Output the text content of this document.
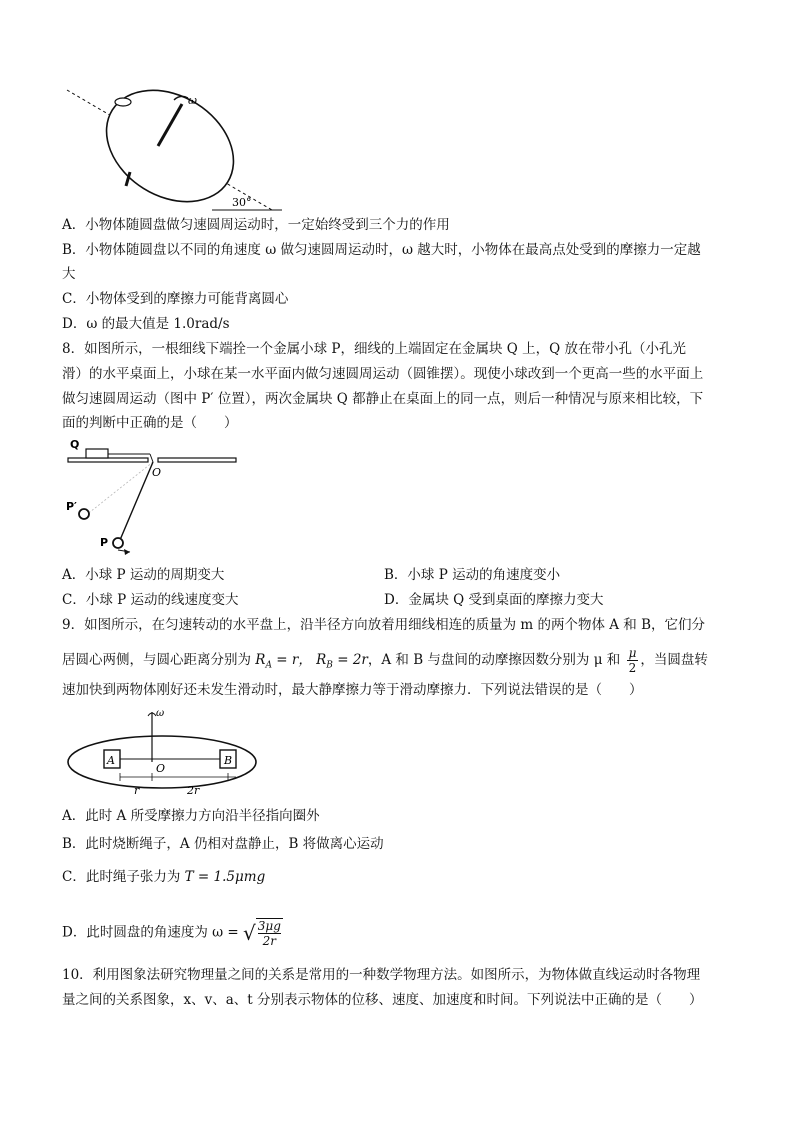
ω
30°
A．小物体随圆盘做匀速圆周运动时，一定始终受到三个力的作用
B．小物体随圆盘以不同的角速度 ω 做匀速圆周运动时，ω 越大时，小物体在最高点处受到的摩擦力一定越
大
C．小物体受到的摩擦力可能背离圆心
D．ω 的最大值是 1.0rad/s
8．如图所示，一根细线下端拴一个金属小球 P，细线的上端固定在金属块 Q 上，Q 放在带小孔（小孔光
滑）的水平桌面上，小球在某一水平面内做匀速圆周运动（圆锥摆）。现使小球改到一个更高一些的水平面上
做匀速圆周运动（图中 P′ 位置），两次金属块 Q 都静止在桌面上的同一点，则后一种情况与原来相比较，下
面的判断中正确的是（　　）
Q
O
P′
P
A．小球 P 运动的周期变大	B．小球 P 运动的角速度变小
C．小球 P 运动的线速度变大	D．金属块 Q 受到桌面的摩擦力变大
9．如图所示，在匀速转动的水平盘上，沿半径方向放着用细线相连的质量为 m 的两个物体 A 和 B，它们分
居圆心两侧，与圆心距离分别为 $R_A = r$， $R_B = 2r$，A 和 B 与盘间的动摩擦因数分别为 μ 和 $\frac{\mu}{2}$ ，当圆盘转
速加快到两物体刚好还未发生滑动时，最大静摩擦力等于滑动摩擦力．下列说法错误的是（　　）
ω
A	B
O
r	2r
A．此时 A 所受摩擦力方向沿半径指向圈外
B．此时烧断绳子，A 仍相对盘静止，B 将做离心运动
C．此时绳子张力为 T = 1.5μmg
D．此时圆盘的角速度为 ω = √ $\frac{3\mu g}{2r}$
10．利用图象法研究物理量之间的关系是常用的一种数学物理方法。如图所示，为物体做直线运动时各物理
量之间的关系图象，x、v、a、t 分别表示物体的位移、速度、加速度和时间。下列说法中正确的是（　　）
